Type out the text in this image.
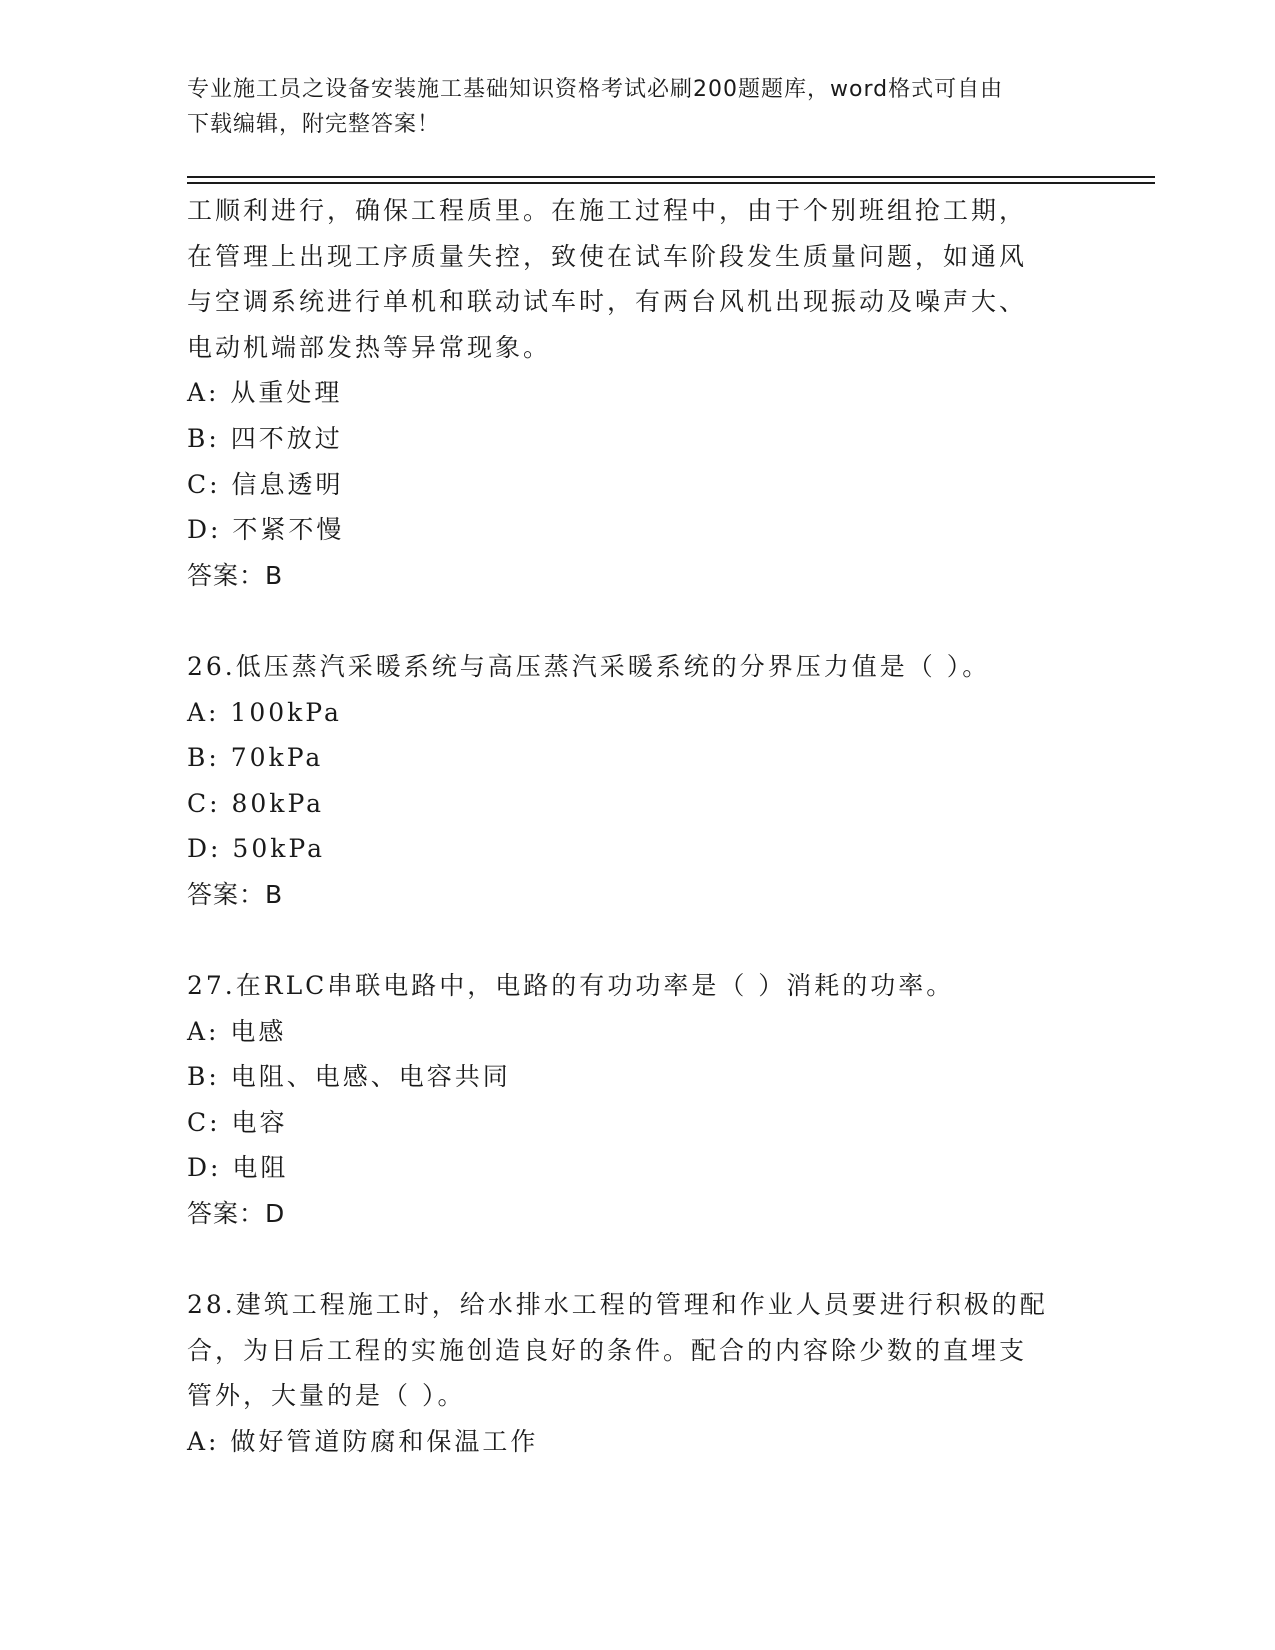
专业施工员之设备安装施工基础知识资格考试必刷200题题库，word格式可自由
下载编辑，附完整答案！
工顺利进行，确保工程质里。在施工过程中，由于个别班组抢工期，
在管理上出现工序质量失控，致使在试车阶段发生质量问题，如通风
与空调系统进行单机和联动试车时，有两台风机出现振动及噪声大、
电动机端部发热等异常现象。
A: 从重处理
B: 四不放过
C: 信息透明
D: 不紧不慢
答案：B
26.低压蒸汽采暖系统与高压蒸汽采暖系统的分界压力值是（ ）。
A: 100kPa
B: 70kPa
C: 80kPa
D: 50kPa
答案：B
27.在RLC串联电路中，电路的有功功率是（ ）消耗的功率。
A: 电感
B: 电阻、电感、电容共同
C: 电容
D: 电阻
答案：D
28.建筑工程施工时，给水排水工程的管理和作业人员要进行积极的配
合，为日后工程的实施创造良好的条件。配合的内容除少数的直埋支
管外，大量的是（ ）。
A: 做好管道防腐和保温工作
